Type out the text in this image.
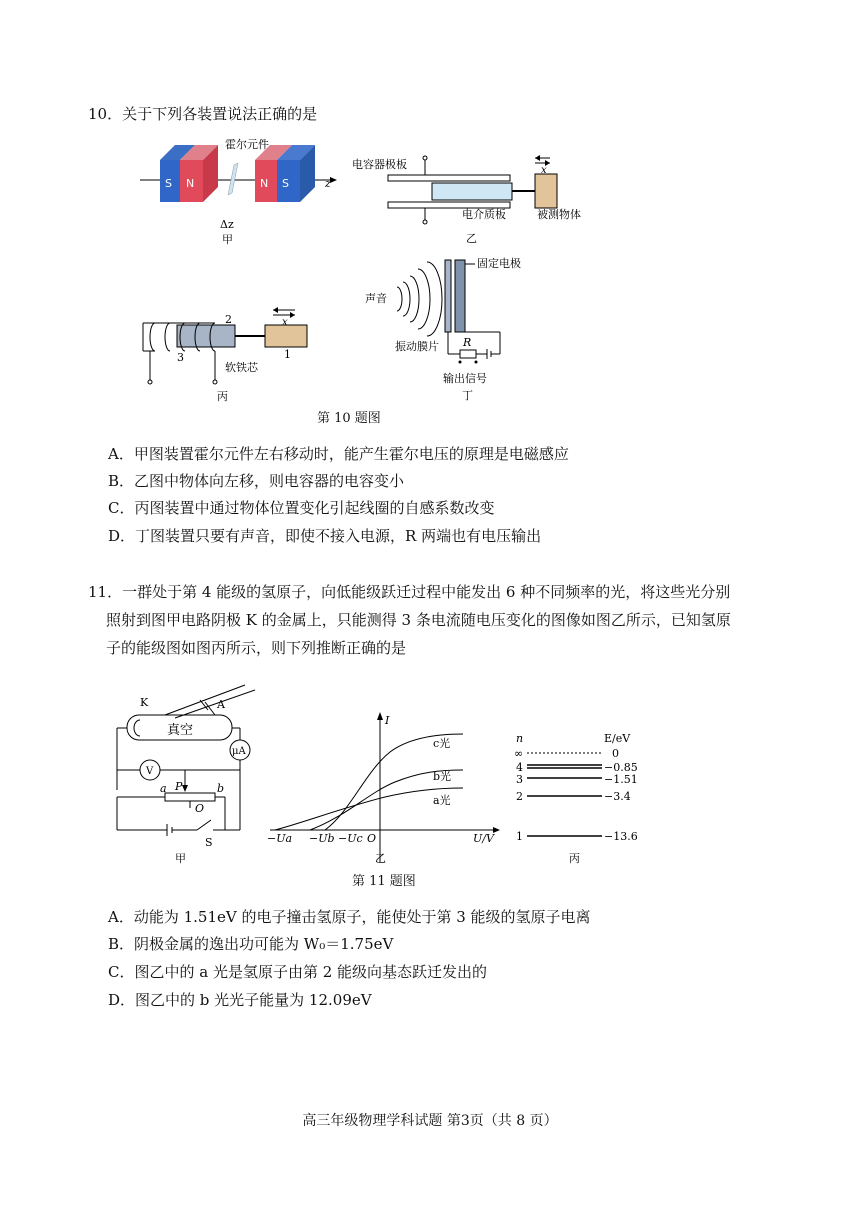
10．关于下列各装置说法正确的是
S N	N S
霍尔元件
z
Δz
甲
电容器极板	x
电介质板	被测物体
乙
x
2
3	1
软铁芯
丙
声音
固定电极
R
振动膜片
输出信号
丁
第 10 题图
A．甲图装置霍尔元件左右移动时，能产生霍尔电压的原理是电磁感应
B．乙图中物体向左移，则电容器的电容变小
C．丙图装置中通过物体位置变化引起线圈的自感系数改变
D．丁图装置只要有声音，即使不接入电源，R 两端也有电压输出

11．一群处于第 4 能级的氢原子，向低能级跃迁过程中能发出 6 种不同频率的光，将这些光分别

照射到图甲电路阴极 K 的金属上，只能测得 3 条电流随电压变化的图像如图乙所示，已知氢原

子的能级图如图丙所示，则下列推断正确的是

K	A
真空
μA
V
P
a	b
O
S
甲
I
U/V
O
c光
b光
a光
−Ua −Ub −Uc
乙
n	E/eV
∞	0
4	−0.85
3	−1.51
2	−3.4
1	−13.6
丙
第 11 题图
A．动能为 1.51eV 的电子撞击氢原子，能使处于第 3 能级的氢原子电离
B．阴极金属的逸出功可能为 W₀＝1.75eV
C．图乙中的 a 光是氢原子由第 2 能级向基态跃迁发出的
D．图乙中的 b 光光子能量为 12.09eV
高三年级物理学科试题 第3页（共 8 页）
